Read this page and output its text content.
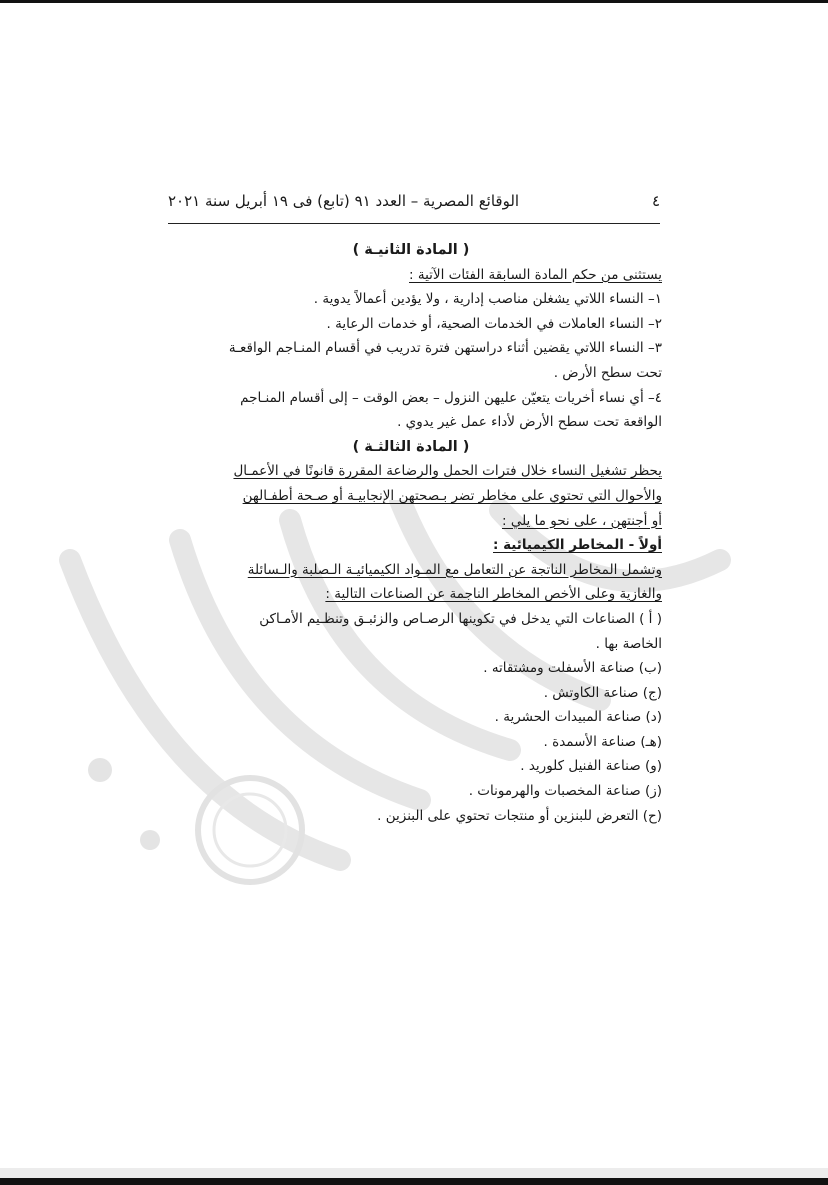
٤
الوقائع المصرية – العدد ٩١ (تابع) فى ١٩ أبريل سنة ٢٠٢١

( المادة الثانيـة )

يستثنى من حكم المادة السابقة الفئات الآتية :

١– النساء اللاتي يشغلن مناصب إدارية ، ولا يؤدين أعمالاً يدوية .

٢– النساء العاملات في الخدمات الصحية، أو خدمات الرعاية .

٣– النساء اللاتي يقضين أثناء دراستهن فترة تدريب في أقسام المنـاجم الواقعـة

تحت سطح الأرض .

٤– أي نساء أخريات يتعيّن عليهن النزول – بعض الوقت – إلى أقسام المنـاجم

الواقعة تحت سطح الأرض لأداء عمل غير يدوي .

( المادة الثالثـة )

يحظر تشغيل النساء خلال فترات الحمل والرضاعة المقررة قانونًا في الأعمـال

والأحوال التي تحتوي على مخاطر تضر بـصحتهن الإنجابيـة أو صـحة أطفـالهن

أو أجنتهن ، على نحو ما يلي :

أولاً - المخاطر الكيميائية :

وتشمل المخاطر الناتجة عن التعامل مع المـواد الكيميائيـة الـصلبة والـسائلة

والغازية وعلى الأخص المخاطر الناجمة عن الصناعات التالية :

( أ ) الصناعات التي يدخل في تكوينها الرصـاص والزئبـق وتنظـيم الأمـاكن

الخاصة بها .

(ب) صناعة الأسفلت ومشتقاته .

(ج) صناعة الكاوتش .

(د) صناعة المبيدات الحشرية .

(هـ) صناعة الأسمدة .

(و) صناعة الفنيل كلوريد .

(ز) صناعة المخصبات والهرمونات .

(ح) التعرض للبنزين أو منتجات تحتوي على البنزين .
